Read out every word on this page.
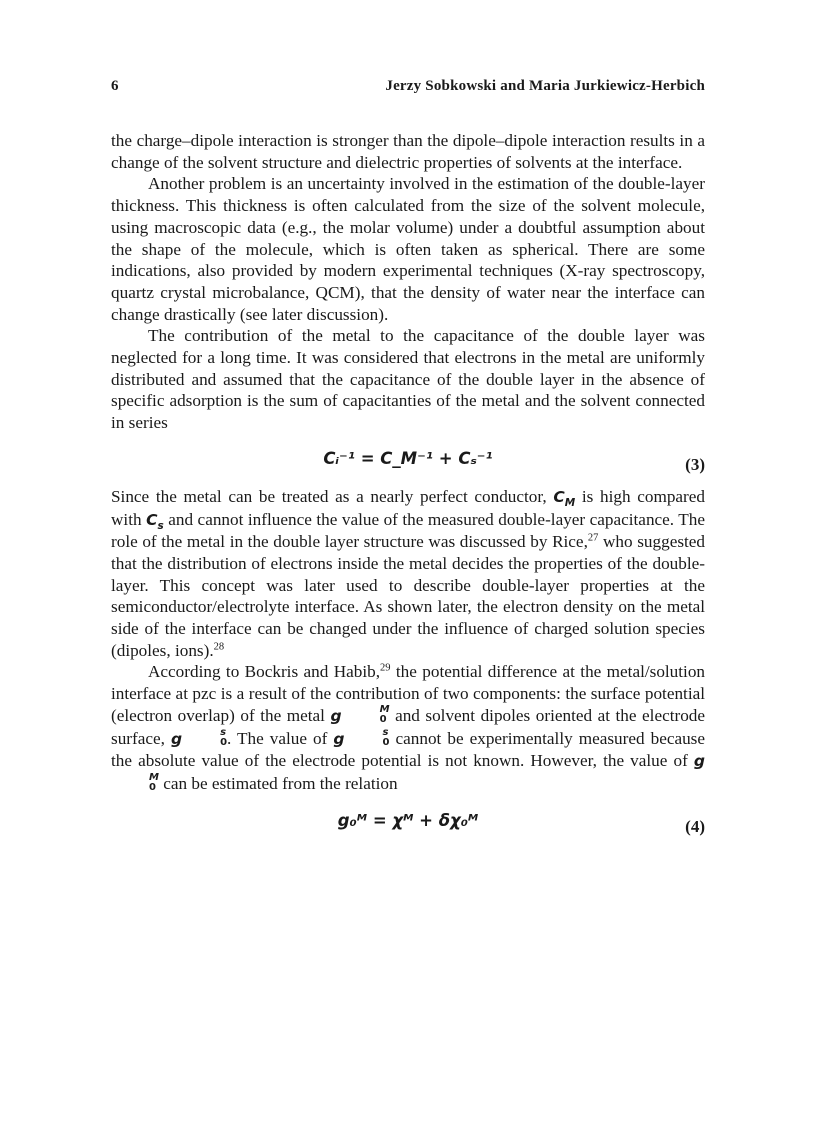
6	Jerzy Sobkowski and Maria Jurkiewicz-Herbich

the charge–dipole interaction is stronger than the dipole–dipole interaction results in a change of the solvent structure and dielectric properties of solvents at the interface.

Another problem is an uncertainty involved in the estimation of the double-layer thickness. This thickness is often calculated from the size of the solvent molecule, using macroscopic data (e.g., the molar volume) under a doubtful assumption about the shape of the molecule, which is often taken as spherical. There are some indications, also provided by modern experimental techniques (X-ray spectroscopy, quartz crystal microbalance, QCM), that the density of water near the interface can change drastically (see later discussion).

The contribution of the metal to the capacitance of the double layer was neglected for a long time. It was considered that electrons in the metal are uniformly distributed and assumed that the capacitance of the double layer in the absence of specific adsorption is the sum of capacitanties of the metal and the solvent connected in series

Cᵢ⁻¹ = C_M⁻¹ + Cₛ⁻¹	(3)

Since the metal can be treated as a nearly perfect conductor, $C_M$ is high compared with $C_s$ and cannot influence the value of the measured double-layer capacitance. The role of the metal in the double layer structure was discussed by Rice,$^{27}$ who suggested that the distribution of electrons inside the metal decides the properties of the double-layer. This concept was later used to describe double-layer properties at the semiconductor/electrolyte interface. As shown later, the electron density on the metal side of the interface can be changed under the influence of charged solution species (dipoles, ions).$^{28}$

According to Bockris and Habib,$^{29}$ the potential difference at the metal/solution interface at pzc is a result of the contribution of two components: the surface potential (electron overlap) of the metal g	M
0 and solvent dipoles oriented at the electrode surface, g	s
0 . The value of g	s
0 cannot be experimentally measured because the absolute value of the electrode potential is not known. However, the value of g
M
0 can be estimated from the relation

g₀ᴹ = χᴹ + δχ₀ᴹ	(4)
